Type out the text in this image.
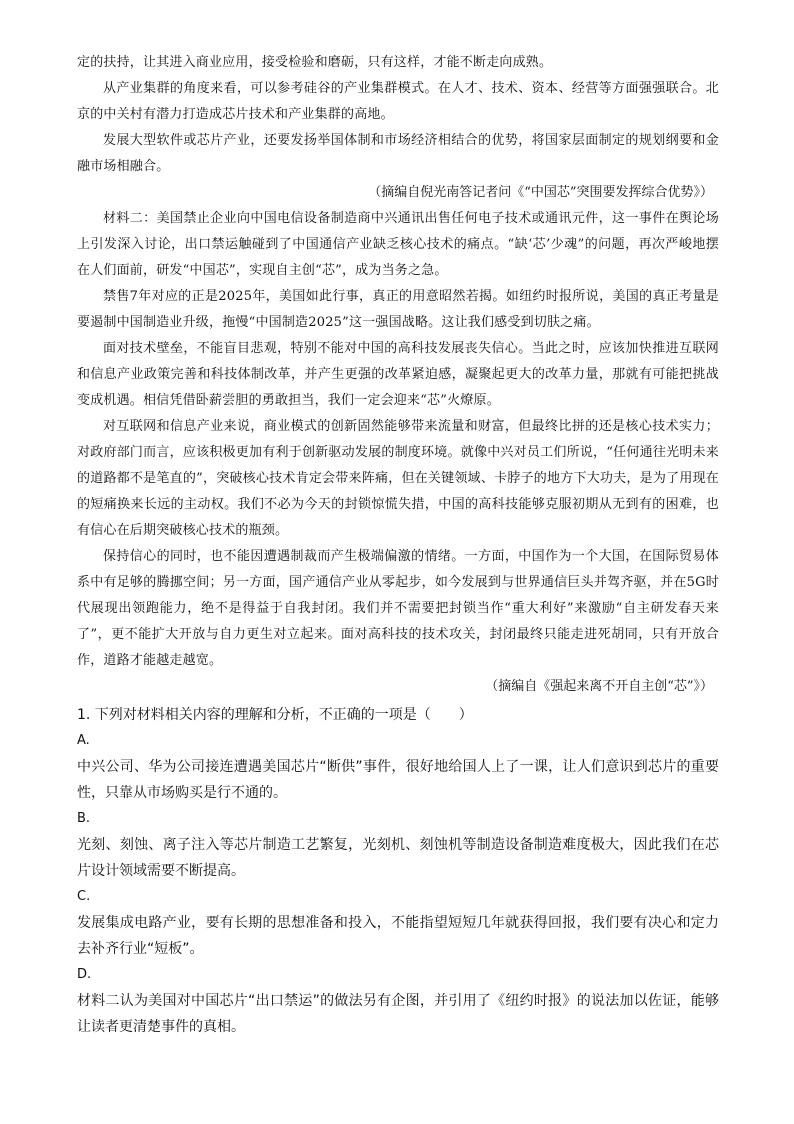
定的扶持，让其进入商业应用，接受检验和磨砺，只有这样，才能不断走向成熟。

从产业集群的角度来看，可以参考硅谷的产业集群模式。在人才、技术、资本、经营等方面强强联合。北京的中关村有潜力打造成芯片技术和产业集群的高地。

发展大型软件或芯片产业，还要发扬举国体制和市场经济相结合的优势，将国家层面制定的规划纲要和金融市场相融合。

（摘编自倪光南答记者问《“中国芯”突围要发挥综合优势》）

材料二：美国禁止企业向中国电信设备制造商中兴通讯出售任何电子技术或通讯元件，这一事件在舆论场上引发深入讨论，出口禁运触碰到了中国通信产业缺乏核心技术的痛点。“缺‘芯’少魂”的问题，再次严峻地摆在人们面前，研发“中国芯”，实现自主创“芯”，成为当务之急。

禁售7年对应的正是2025年，美国如此行事，真正的用意昭然若揭。如纽约时报所说，美国的真正考量是要遏制中国制造业升级，拖慢“中国制造2025”这一强国战略。这让我们感受到切肤之痛。

面对技术壁垒，不能盲目悲观，特别不能对中国的高科技发展丧失信心。当此之时，应该加快推进互联网和信息产业政策完善和科技体制改革，并产生更强的改革紧迫感，凝聚起更大的改革力量，那就有可能把挑战变成机遇。相信凭借卧薪尝胆的勇敢担当，我们一定会迎来“芯”火燎原。

对互联网和信息产业来说，商业模式的创新固然能够带来流量和财富，但最终比拼的还是核心技术实力；对政府部门而言，应该积极更加有利于创新驱动发展的制度环境。就像中兴对员工们所说，“任何通往光明未来的道路都不是笔直的”，突破核心技术肯定会带来阵痛，但在关键领域、卡脖子的地方下大功夫，是为了用现在的短痛换来长远的主动权。我们不必为今天的封锁惊慌失措，中国的高科技能够克服初期从无到有的困难，也有信心在后期突破核心技术的瓶颈。

保持信心的同时，也不能因遭遇制裁而产生极端偏激的情绪。一方面，中国作为一个大国，在国际贸易体系中有足够的腾挪空间；另一方面，国产通信产业从零起步，如今发展到与世界通信巨头并驾齐驱，并在5G时代展现出领跑能力，绝不是得益于自我封闭。我们并不需要把封锁当作“重大利好”来激励“自主研发春天来了”，更不能扩大开放与自力更生对立起来。面对高科技的技术攻关，封闭最终只能走进死胡同，只有开放合作，道路才能越走越宽。

（摘编自《强起来离不开自主创“芯”》）

1. 下列对材料相关内容的理解和分析，不正确的一项是（　　）

A.

中兴公司、华为公司接连遭遇美国芯片“断供”事件，很好地给国人上了一课，让人们意识到芯片的重要性，只靠从市场购买是行不通的。

B.

光刻、刻蚀、离子注入等芯片制造工艺繁复，光刻机、刻蚀机等制造设备制造难度极大，因此我们在芯片设计领域需要不断提高。

C.

发展集成电路产业，要有长期的思想准备和投入，不能指望短短几年就获得回报，我们要有决心和定力去补齐行业“短板”。

D.

材料二认为美国对中国芯片“出口禁运”的做法另有企图，并引用了《纽约时报》的说法加以佐证，能够让读者更清楚事件的真相。
